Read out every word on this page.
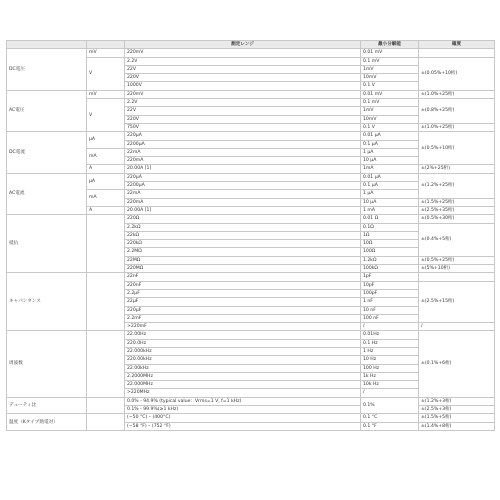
		測定レンジ	最小分解能	確度	
DC電圧	mV	220mV	0.01 mV		
	V	2.2V	0.1 mV	±(0.05%+10桁)	
		22V	1mV		
		220V	10mV		
		1000V	0.1 V	
AC電圧	mV	220mV	0.01 mV	±(1.0%+25桁)	
	V	2.2V	0.1 mV	±(0.8%+25桁)	
		22V	1mV		
		220V	10mV		
		750V	0.1 V	±(1.0%+25桁)	
DC電流	μA	220μA	0.01 μA	±(0.5%+10桁)	
		2200μA	0.1 μA		
	mA	22mA	1 μA		
		220mA	10 μA	
	A	20.00A [1]	1mA	±(2%+25桁)	
AC電流	μA	220μA	0.01 μA	±(1.2%+25桁)	
		2200μA	0.1 μA		
	mA	22mA	1 μA		
		220mA	10 μA	±(1.5%+25桁)	
	A	20.00A [1]	1 mA	±(2.5%+35桁)	
抵抗		220Ω	0.01 Ω	±(0.5%+30桁)	
		2.2kΩ	0.1Ω	±(0.4%+5桁)	
		22kΩ	1Ω		
		220kΩ	10Ω		
		2.2MΩ	100Ω		
		22MΩ	1.2kΩ	±(0.5%+25桁)	
		220MΩ	100kΩ	±(5%+10桁)	
キャパシタンス		22nF	1pF		
		220nF	10pF	±(2.5%+15桁)	
		2.2μF	100pF		
		22μF	1 nF		
		220μF	10 nF		
		2.2mF	100 nF	
		>220mF	/	/	
周波数		22.00Hz	0.01Hz	±(0.1%+6桁)	
		220.0Hz	0.1 Hz		
		22.000kHz	1 Hz		
		220.00kHz	10 Hz		
		22.00kHz	100 Hz		
		2.2000MHz	1k Hz		
		22.000MHz	10k Hz		
		>220MHz	/	
デューティ比		0.0% - 94.9% (typical value：Vrms=1 V, f=1 kHz)	0.1%	±(1.2%+3桁)	
		0.1% - 99.9%(≥1 kHz)		±(2.5%+3桁)	
温度（Kタイプ熱電対）		(−50 °C) – (400°C)	0.1 °C	±(1.5%+5桁)	
		(−58 °F) – (752 °F)	0.1 °F	±(1.4%+8桁)	
